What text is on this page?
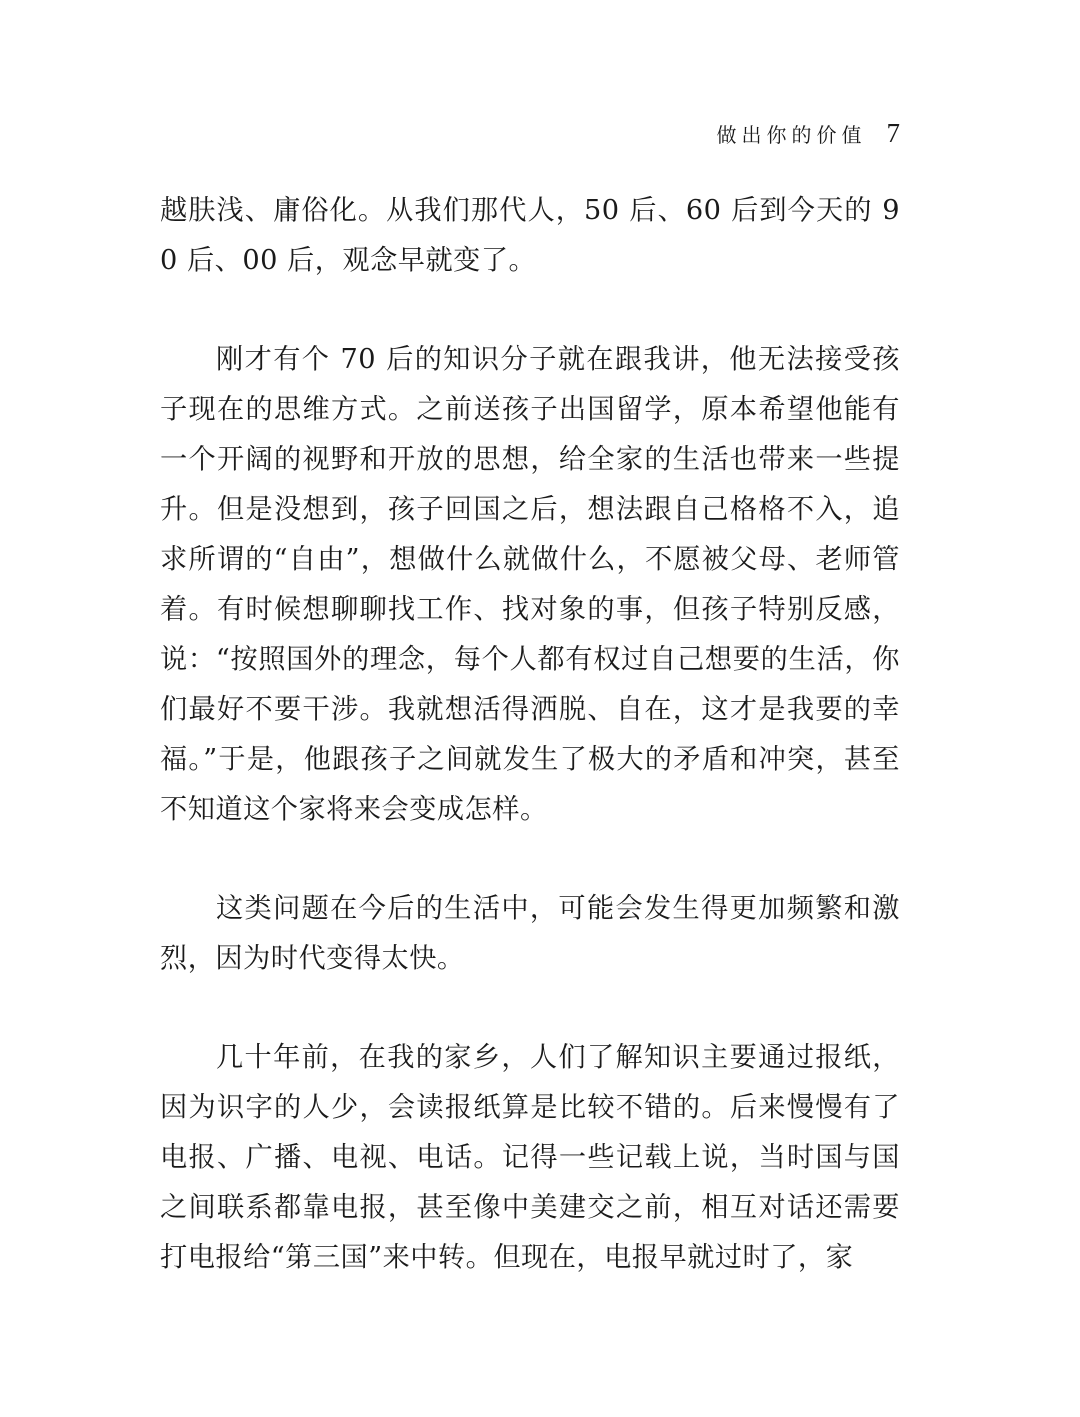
做出你的价值 7

越肤浅、庸俗化。从我们那代人，50 后、60 后到今天的 90 后、00 后，观念早就变了。

刚才有个 70 后的知识分子就在跟我讲，他无法接受孩子现在的思维方式。之前送孩子出国留学，原本希望他能有一个开阔的视野和开放的思想，给全家的生活也带来一些提升。但是没想到，孩子回国之后，想法跟自己格格不入，追求所谓的“自由”，想做什么就做什么，不愿被父母、老师管着。有时候想聊聊找工作、找对象的事，但孩子特别反感，说：“按照国外的理念，每个人都有权过自己想要的生活，你们最好不要干涉。我就想活得洒脱、自在，这才是我要的幸福。”于是，他跟孩子之间就发生了极大的矛盾和冲突，甚至不知道这个家将来会变成怎样。

这类问题在今后的生活中，可能会发生得更加频繁和激烈，因为时代变得太快。

几十年前，在我的家乡，人们了解知识主要通过报纸，因为识字的人少，会读报纸算是比较不错的。后来慢慢有了电报、广播、电视、电话。记得一些记载上说，当时国与国之间联系都靠电报，甚至像中美建交之前，相互对话还需要打电报给“第三国”来中转。但现在，电报早就过时了，家
